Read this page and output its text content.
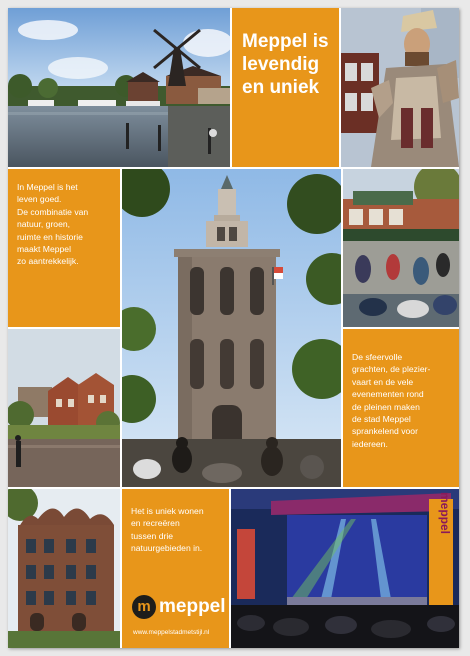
Meppel is
levendig
en uniek
In Meppel is het
leven goed.
De combinatie van
natuur, groen,
ruimte en historie
maakt Meppel
zo aantrekkelijk.
De sfeervolle
grachten, de plezier-
vaart en de vele
evenementen rond
de pleinen maken
de stad Meppel
sprankelend voor
iedereen.
Het is uniek wonen
en recreëren
tussen drie
natuurgebieden in.
m meppel
www.meppelstadmetstijl.nl
meppel
